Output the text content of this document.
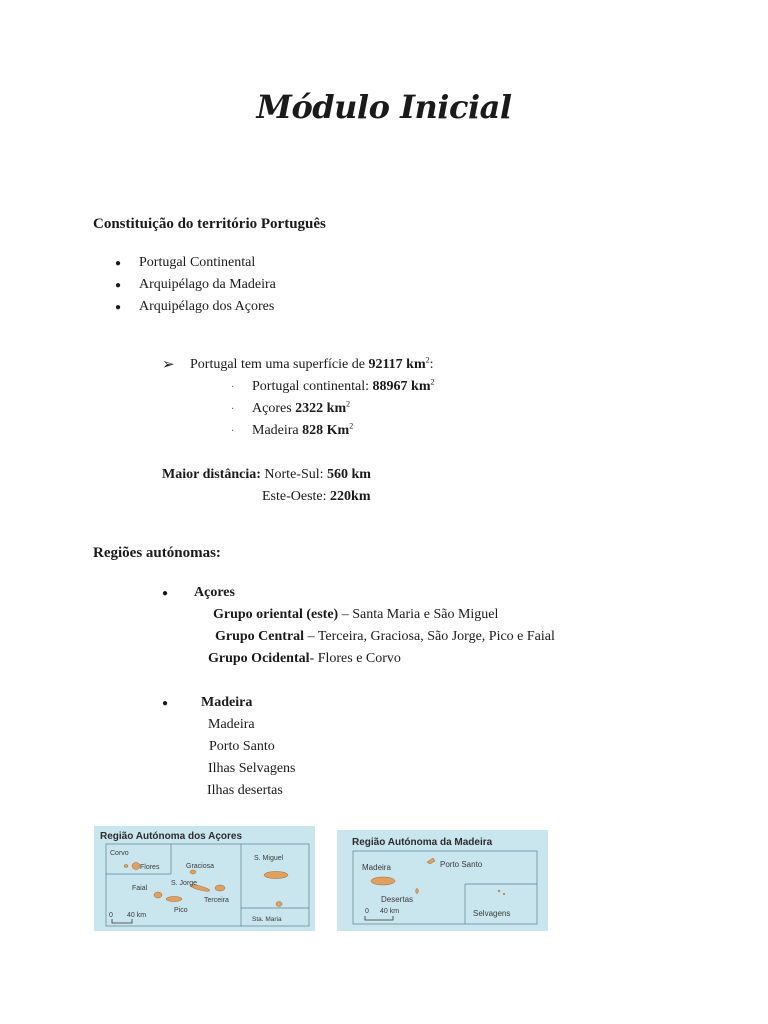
Módulo Inicial
Constituição do território Português
● Portugal Continental
● Arquipélago da Madeira
● Arquipélago dos Açores
➢ Portugal tem uma superfície de 92117 $km^2$:
· Portugal continental: 88967 $km^2$
· Açores 2322 $km^2$
· Madeira 828 Km$^2$
Maior distância: Norte-Sul: 560 km
Este-Oeste: 220km
Regiões autónomas:
● Açores
Grupo oriental (este) – Santa Maria e São Miguel
Grupo Central – Terceira, Graciosa, São Jorge, Pico e Faial
Grupo Ocidental- Flores e Corvo
● Madeira
Madeira
Porto Santo
Ilhas Selvagens
Ilhas desertas
Região Autónoma dos Açores
Corvo
Flores	Graciosa
S. Miguel
Faial
S. Jorge
Terceira
Pico
Sta. Maria
0 40 km
Região Autónoma da Madeira
Madeira	Porto Santo
Desertas
Selvagens
0 40 km
